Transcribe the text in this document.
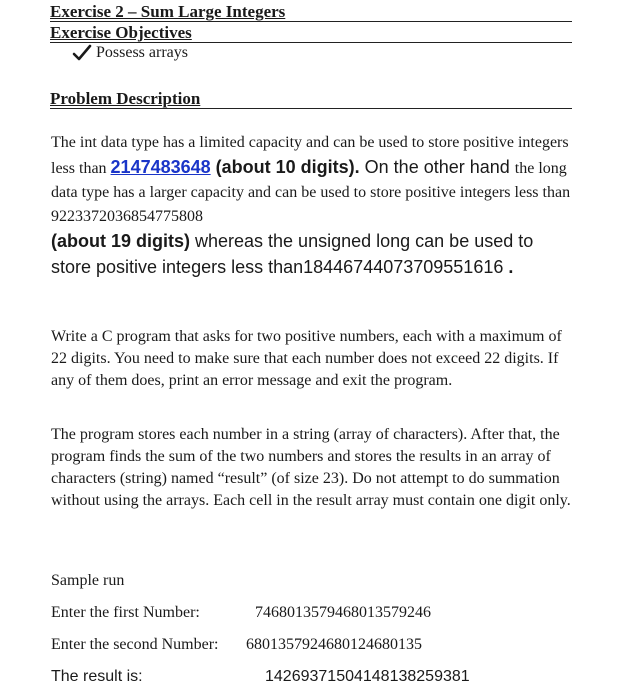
Exercise 2 – Sum Large Integers
Exercise Objectives
Possess arrays
Problem Description
The int data type has a limited capacity and can be used to store positive integers less than 2147483648 (about 10 digits). On the other hand the long data type has a larger capacity and can be used to store positive integers less than 9223372036854775808
(about 19 digits) whereas the unsigned long can be used to store positive integers less than18446744073709551616 .
Write a C program that asks for two positive numbers, each with a maximum of 22 digits. You need to make sure that each number does not exceed 22 digits. If any of them does, print an error message and exit the program.
The program stores each number in a string (array of characters). After that, the program finds the sum of the two numbers and stores the results in an array of characters (string) named “result” (of size 23). Do not attempt to do summation without using the arrays. Each cell in the result array must contain one digit only.
Sample run
Enter the first Number:	7468013579468013579246
Enter the second Number: 6801357924680124680135
The result is:	14269371504148138259381
